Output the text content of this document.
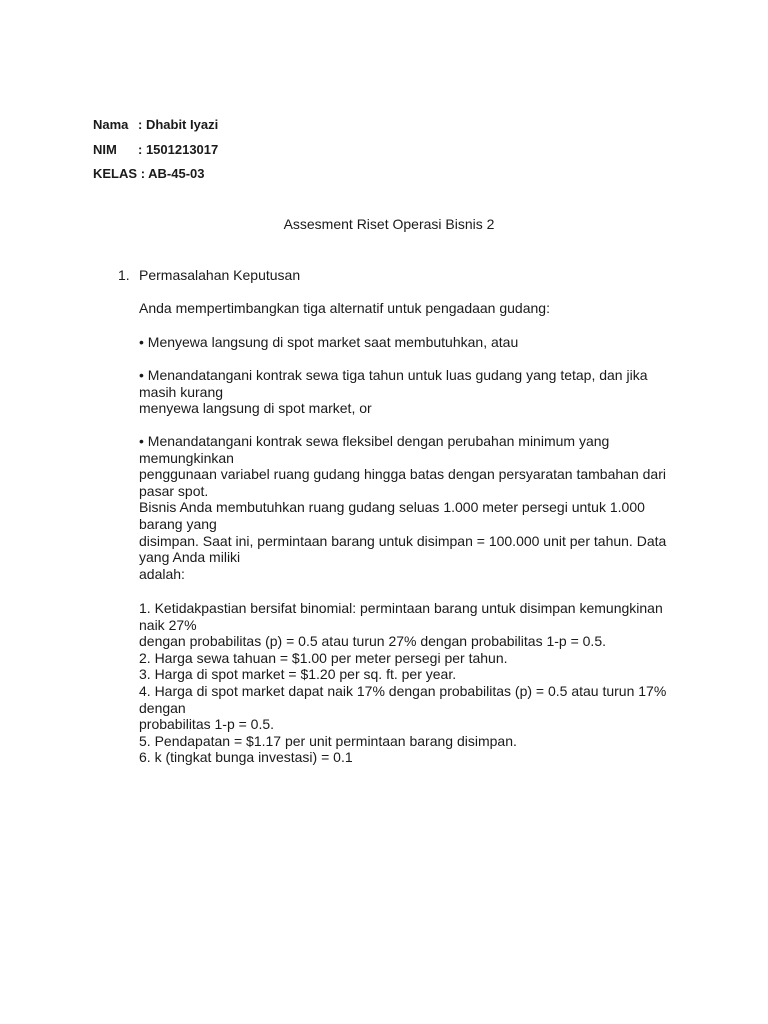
Nama : Dhabit Iyazi
NIM : 1501213017
KELAS : AB-45-03
Assesment Riset Operasi Bisnis 2
1. Permasalahan Keputusan
Anda mempertimbangkan tiga alternatif untuk pengadaan gudang:
• Menyewa langsung di spot market saat membutuhkan, atau
• Menandatangani kontrak sewa tiga tahun untuk luas gudang yang tetap, dan jika
masih kurang
menyewa langsung di spot market, or
• Menandatangani kontrak sewa fleksibel dengan perubahan minimum yang
memungkinkan
penggunaan variabel ruang gudang hingga batas dengan persyaratan tambahan dari
pasar spot.
Bisnis Anda membutuhkan ruang gudang seluas 1.000 meter persegi untuk 1.000
barang yang
disimpan. Saat ini, permintaan barang untuk disimpan = 100.000 unit per tahun. Data
yang Anda miliki
adalah:
1. Ketidakpastian bersifat binomial: permintaan barang untuk disimpan kemungkinan
naik 27%
dengan probabilitas (p) = 0.5 atau turun 27% dengan probabilitas 1-p = 0.5.
2. Harga sewa tahuan = $1.00 per meter persegi per tahun.
3. Harga di spot market = $1.20 per sq. ft. per year.
4. Harga di spot market dapat naik 17% dengan probabilitas (p) = 0.5 atau turun 17%
dengan
probabilitas 1-p = 0.5.
5. Pendapatan = $1.17 per unit permintaan barang disimpan.
6. k (tingkat bunga investasi) = 0.1
